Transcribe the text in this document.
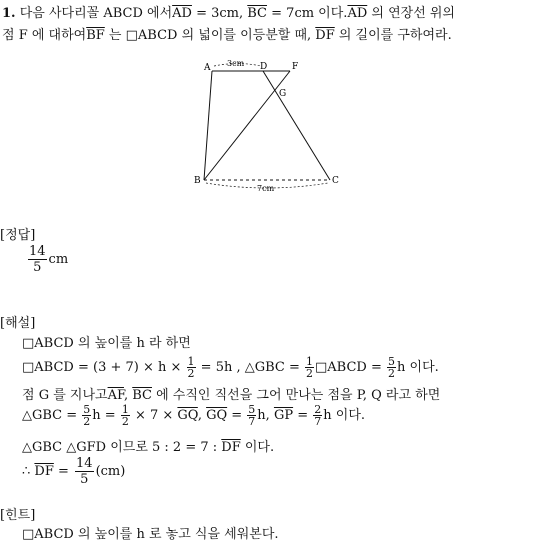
1. 다음 사다리꼴 ABCD 에서$\overline{AD} = 3cm$, $\overline{BC} = 7cm$ 이다$.\overline{AD}$ 의 연장선 위의
점 F 에 대하여$\overline{BF}$ 는 □ABCD 의 넓이를 이등분할 때, $\overline{DF}$ 의 길이를 구하여라.
A	D	F
G
B	C
3cm
7cm
[정답]
$\frac{14}{5}$ cm
[해설]
□ABCD 의 높이를 h 라 하면
□ABCD = $(3 + 7) \times h \times \frac{1}{2} = 5h$ , △GBC = $\frac{1}{2}$ □ABCD = $\frac{5}{2}$ h 이다.
점 G 를 지나고$\overline{AF}$, $\overline{BC}$ 에 수직인 직선을 그어 만나는 점을 P, Q 라고 하면
△GBC = $\frac{5}{2}$ $h = \frac{1}{2} \times 7 \times \overline{GQ}$, $\overline{GQ} = \frac{5}{7} h$, $\overline{GP} = \frac{2}{7}$ h 이다.
△GBC △GFD 이므로 5 : 2 = 7 : $\overline{DF}$ 이다.
∴ $\overline{DF} = \frac{14}{5} (cm)$
[힌트]
□ABCD 의 높이를 h 로 놓고 식을 세워본다.
